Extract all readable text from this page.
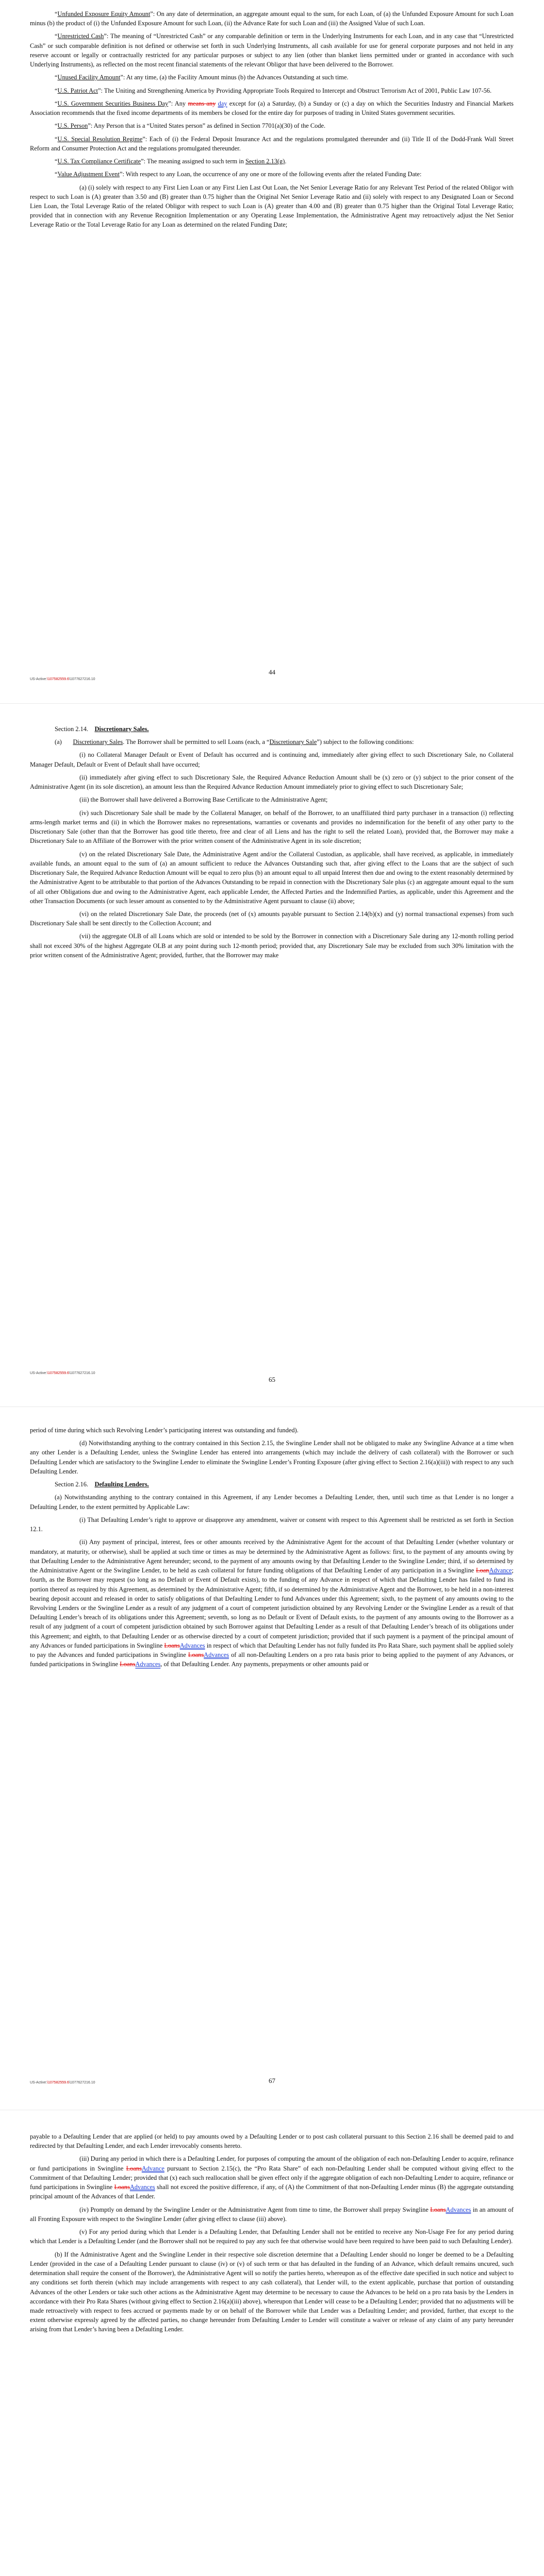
“Unfunded Exposure Equity Amount”: On any date of determination, an aggregate amount equal to the sum, for each Loan, of (a) the Unfunded Exposure Amount for such Loan minus (b) the product of (i) the Unfunded Exposure Amount for such Loan, (ii) the Advance Rate for such Loan and (iii) the Assigned Value of such Loan.

“Unrestricted Cash”: The meaning of “Unrestricted Cash” or any comparable definition or term in the Underlying Instruments for each Loan, and in any case that “Unrestricted Cash” or such comparable definition is not defined or otherwise set forth in such Underlying Instruments, all cash available for use for general corporate purposes and not held in any reserve account or legally or contractually restricted for any particular purposes or subject to any lien (other than blanket liens permitted under or granted in accordance with such Underlying Instruments), as reflected on the most recent financial statements of the relevant Obligor that have been delivered to the Borrower.

“Unused Facility Amount”: At any time, (a) the Facility Amount minus (b) the Advances Outstanding at such time.

“U.S. Patriot Act”: The Uniting and Strengthening America by Providing Appropriate Tools Required to Intercept and Obstruct Terrorism Act of 2001, Public Law 107-56.

“U.S. Government Securities Business Day”: Any means any day except for (a) a Saturday, (b) a Sunday or (c) a day on which the Securities Industry and Financial Markets Association recommends that the fixed income departments of its members be closed for the entire day for purposes of trading in United States government securities.

“U.S. Person”: Any Person that is a “United States person” as defined in Section 7701(a)(30) of the Code.

“U.S. Special Resolution Regime”: Each of (i) the Federal Deposit Insurance Act and the regulations promulgated thereunder and (ii) Title II of the Dodd-Frank Wall Street Reform and Consumer Protection Act and the regulations promulgated thereunder.

“U.S. Tax Compliance Certificate”: The meaning assigned to such term in Section 2.13(g).

“Value Adjustment Event”: With respect to any Loan, the occurrence of any one or more of the following events after the related Funding Date:

(a) (i) solely with respect to any First Lien Loan or any First Lien Last Out Loan, the Net Senior Leverage Ratio for any Relevant Test Period of the related Obligor with respect to such Loan is (A) greater than 3.50 and (B) greater than 0.75 higher than the Original Net Senior Leverage Ratio and (ii) solely with respect to any Designated Loan or Second Lien Loan, the Total Leverage Ratio of the related Obligor with respect to such Loan is (A) greater than 4.00 and (B) greater than 0.75 higher than the Original Total Leverage Ratio; provided that in connection with any Revenue Recognition Implementation or any Operating Lease Implementation, the Administrative Agent may retroactively adjust the Net Senior Leverage Ratio or the Total Leverage Ratio for any Loan as determined on the related Funding Date;

US-Active:\107582559.6\1077627216.10
44

Section 2.14. Discretionary Sales.

(a) Discretionary Sales. The Borrower shall be permitted to sell Loans (each, a “Discretionary Sale”) subject to the following conditions:

(i) no Collateral Manager Default or Event of Default has occurred and is continuing and, immediately after giving effect to such Discretionary Sale, no Collateral Manager Default, Default or Event of Default shall have occurred;

(ii) immediately after giving effect to such Discretionary Sale, the Required Advance Reduction Amount shall be (x) zero or (y) subject to the prior consent of the Administrative Agent (in its sole discretion), an amount less than the Required Advance Reduction Amount immediately prior to giving effect to such Discretionary Sale;

(iii) the Borrower shall have delivered a Borrowing Base Certificate to the Administrative Agent;

(iv) such Discretionary Sale shall be made by the Collateral Manager, on behalf of the Borrower, to an unaffiliated third party purchaser in a transaction (i) reflecting arms-length market terms and (ii) in which the Borrower makes no representations, warranties or covenants and provides no indemnification for the benefit of any other party to the Discretionary Sale (other than that the Borrower has good title thereto, free and clear of all Liens and has the right to sell the related Loan), provided that, the Borrower may make a Discretionary Sale to an Affiliate of the Borrower with the prior written consent of the Administrative Agent in its sole discretion;

(v) on the related Discretionary Sale Date, the Administrative Agent and/or the Collateral Custodian, as applicable, shall have received, as applicable, in immediately available funds, an amount equal to the sum of (a) an amount sufficient to reduce the Advances Outstanding such that, after giving effect to the Loans that are the subject of such Discretionary Sale, the Required Advance Reduction Amount will be equal to zero plus (b) an amount equal to all unpaid Interest then due and owing to the extent reasonably determined by the Administrative Agent to be attributable to that portion of the Advances Outstanding to be repaid in connection with the Discretionary Sale plus (c) an aggregate amount equal to the sum of all other Obligations due and owing to the Administrative Agent, each applicable Lender, the Affected Parties and the Indemnified Parties, as applicable, under this Agreement and the other Transaction Documents (or such lesser amount as consented to by the Administrative Agent pursuant to clause (ii) above;

(vi) on the related Discretionary Sale Date, the proceeds (net of (x) amounts payable pursuant to Section 2.14(b)(x) and (y) normal transactional expenses) from such Discretionary Sale shall be sent directly to the Collection Account; and

(vii) the aggregate OLB of all Loans which are sold or intended to be sold by the Borrower in connection with a Discretionary Sale during any 12-month rolling period shall not exceed 30% of the highest Aggregate OLB at any point during such 12-month period; provided that, any Discretionary Sale may be excluded from such 30% limitation with the prior written consent of the Administrative Agent; provided, further, that the Borrower may make

US-Active:\107582559.6\1077627216.10
65

period of time during which such Revolving Lender’s participating interest was outstanding and funded).

(d) Notwithstanding anything to the contrary contained in this Section 2.15, the Swingline Lender shall not be obligated to make any Swingline Advance at a time when any other Lender is a Defaulting Lender, unless the Swingline Lender has entered into arrangements (which may include the delivery of cash collateral) with the Borrower or such Defaulting Lender which are satisfactory to the Swingline Lender to eliminate the Swingline Lender’s Fronting Exposure (after giving effect to Section 2.16(a)(iii)) with respect to any such Defaulting Lender.

Section 2.16. Defaulting Lenders.

(a) Notwithstanding anything to the contrary contained in this Agreement, if any Lender becomes a Defaulting Lender, then, until such time as that Lender is no longer a Defaulting Lender, to the extent permitted by Applicable Law:

(i) That Defaulting Lender’s right to approve or disapprove any amendment, waiver or consent with respect to this Agreement shall be restricted as set forth in Section 12.1.

(ii) Any payment of principal, interest, fees or other amounts received by the Administrative Agent for the account of that Defaulting Lender (whether voluntary or mandatory, at maturity, or otherwise), shall be applied at such time or times as may be determined by the Administrative Agent as follows: first, to the payment of any amounts owing by that Defaulting Lender to the Administrative Agent hereunder; second, to the payment of any amounts owing by that Defaulting Lender to the Swingline Lender; third, if so determined by the Administrative Agent or the Swingline Lender, to be held as cash collateral for future funding obligations of that Defaulting Lender of any participation in a Swingline LoanAdvance; fourth, as the Borrower may request (so long as no Default or Event of Default exists), to the funding of any Advance in respect of which that Defaulting Lender has failed to fund its portion thereof as required by this Agreement, as determined by the Administrative Agent; fifth, if so determined by the Administrative Agent and the Borrower, to be held in a non-interest bearing deposit account and released in order to satisfy obligations of that Defaulting Lender to fund Advances under this Agreement; sixth, to the payment of any amounts owing to the Revolving Lenders or the Swingline Lender as a result of any judgment of a court of competent jurisdiction obtained by any Revolving Lender or the Swingline Lender as a result of that Defaulting Lender’s breach of its obligations under this Agreement; seventh, so long as no Default or Event of Default exists, to the payment of any amounts owing to the Borrower as a result of any judgment of a court of competent jurisdiction obtained by such Borrower against that Defaulting Lender as a result of that Defaulting Lender’s breach of its obligations under this Agreement; and eighth, to that Defaulting Lender or as otherwise directed by a court of competent jurisdiction; provided that if such payment is a payment of the principal amount of any Advances or funded participations in Swingline LoansAdvances in respect of which that Defaulting Lender has not fully funded its Pro Rata Share, such payment shall be applied solely to pay the Advances and funded participations in Swingline LoansAdvances of all non-Defaulting Lenders on a pro rata basis prior to being applied to the payment of any Advances, or funded participations in Swingline LoansAdvances, of that Defaulting Lender. Any payments, prepayments or other amounts paid or

US-Active:\107582559.6\1077627216.10	67

payable to a Defaulting Lender that are applied (or held) to pay amounts owed by a Defaulting Lender or to post cash collateral pursuant to this Section 2.16 shall be deemed paid to and redirected by that Defaulting Lender, and each Lender irrevocably consents hereto.

(iii) During any period in which there is a Defaulting Lender, for purposes of computing the amount of the obligation of each non-Defaulting Lender to acquire, refinance or fund participations in Swingline LoansAdvance pursuant to Section 2.15(c), the “Pro Rata Share” of each non-Defaulting Lender shall be computed without giving effect to the Commitment of that Defaulting Lender; provided that (x) each such reallocation shall be given effect only if the aggregate obligation of each non-Defaulting Lender to acquire, refinance or fund participations in Swingline LoansAdvances shall not exceed the positive difference, if any, of (A) the Commitment of that non-Defaulting Lender minus (B) the aggregate outstanding principal amount of the Advances of that Lender.

(iv) Promptly on demand by the Swingline Lender or the Administrative Agent from time to time, the Borrower shall prepay Swingline LoansAdvances in an amount of all Fronting Exposure with respect to the Swingline Lender (after giving effect to clause (iii) above).

(v) For any period during which that Lender is a Defaulting Lender, that Defaulting Lender shall not be entitled to receive any Non-Usage Fee for any period during which that Lender is a Defaulting Lender (and the Borrower shall not be required to pay any such fee that otherwise would have been required to have been paid to such Defaulting Lender).

(b) If the Administrative Agent and the Swingline Lender in their respective sole discretion determine that a Defaulting Lender should no longer be deemed to be a Defaulting Lender (provided in the case of a Defaulting Lender pursuant to clause (iv) or (v) of such term or that has defaulted in the funding of an Advance, which default remains uncured, such determination shall require the consent of the Borrower), the Administrative Agent will so notify the parties hereto, whereupon as of the effective date specified in such notice and subject to any conditions set forth therein (which may include arrangements with respect to any cash collateral), that Lender will, to the extent applicable, purchase that portion of outstanding Advances of the other Lenders or take such other actions as the Administrative Agent may determine to be necessary to cause the Advances to be held on a pro rata basis by the Lenders in accordance with their Pro Rata Shares (without giving effect to Section 2.16(a)(iii) above), whereupon that Lender will cease to be a Defaulting Lender; provided that no adjustments will be made retroactively with respect to fees accrued or payments made by or on behalf of the Borrower while that Lender was a Defaulting Lender; and provided, further, that except to the extent otherwise expressly agreed by the affected parties, no change hereunder from Defaulting Lender to Lender will constitute a waiver or release of any claim of any party hereunder arising from that Lender’s having been a Defaulting Lender.
